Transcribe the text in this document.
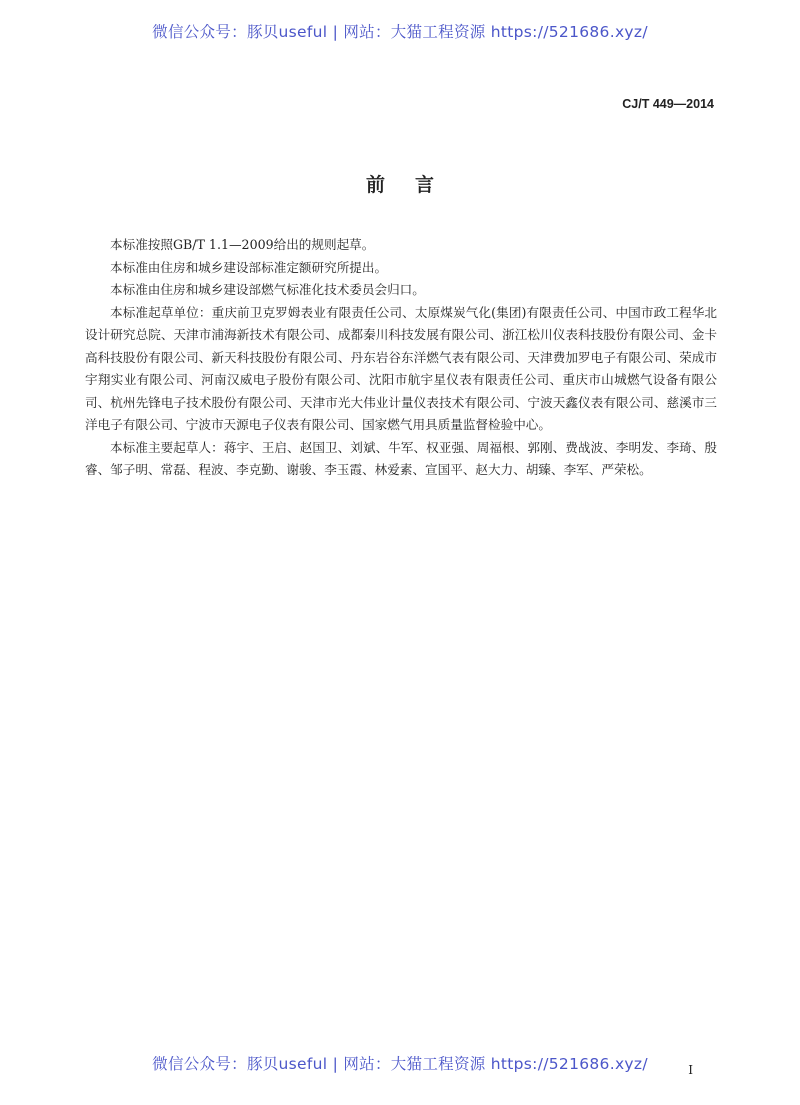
微信公众号：豚贝useful | 网站：大猫工程资源 https://521686.xyz/
CJ/T 449—2014
前言

本标准按照GB/T 1.1—2009给出的规则起草。

本标准由住房和城乡建设部标准定额研究所提出。

本标准由住房和城乡建设部燃气标准化技术委员会归口。

本标准起草单位：重庆前卫克罗姆表业有限责任公司、太原煤炭气化(集团)有限责任公司、中国市政工程华北设计研究总院、天津市浦海新技术有限公司、成都秦川科技发展有限公司、浙江松川仪表科技股份有限公司、金卡高科技股份有限公司、新天科技股份有限公司、丹东岩谷东洋燃气表有限公司、天津费加罗电子有限公司、荣成市宇翔实业有限公司、河南汉威电子股份有限公司、沈阳市航宇星仪表有限责任公司、重庆市山城燃气设备有限公司、杭州先锋电子技术股份有限公司、天津市光大伟业计量仪表技术有限公司、宁波天鑫仪表有限公司、慈溪市三洋电子有限公司、宁波市天源电子仪表有限公司、国家燃气用具质量监督检验中心。

本标准主要起草人：蒋宇、王启、赵国卫、刘斌、牛军、权亚强、周福根、郭刚、费战波、李明发、李琦、殷睿、邹子明、常磊、程波、李克勤、谢骏、李玉霞、林爱素、宣国平、赵大力、胡臻、李军、严荣松。

微信公众号：豚贝useful | 网站：大猫工程资源 https://521686.xyz/	I
